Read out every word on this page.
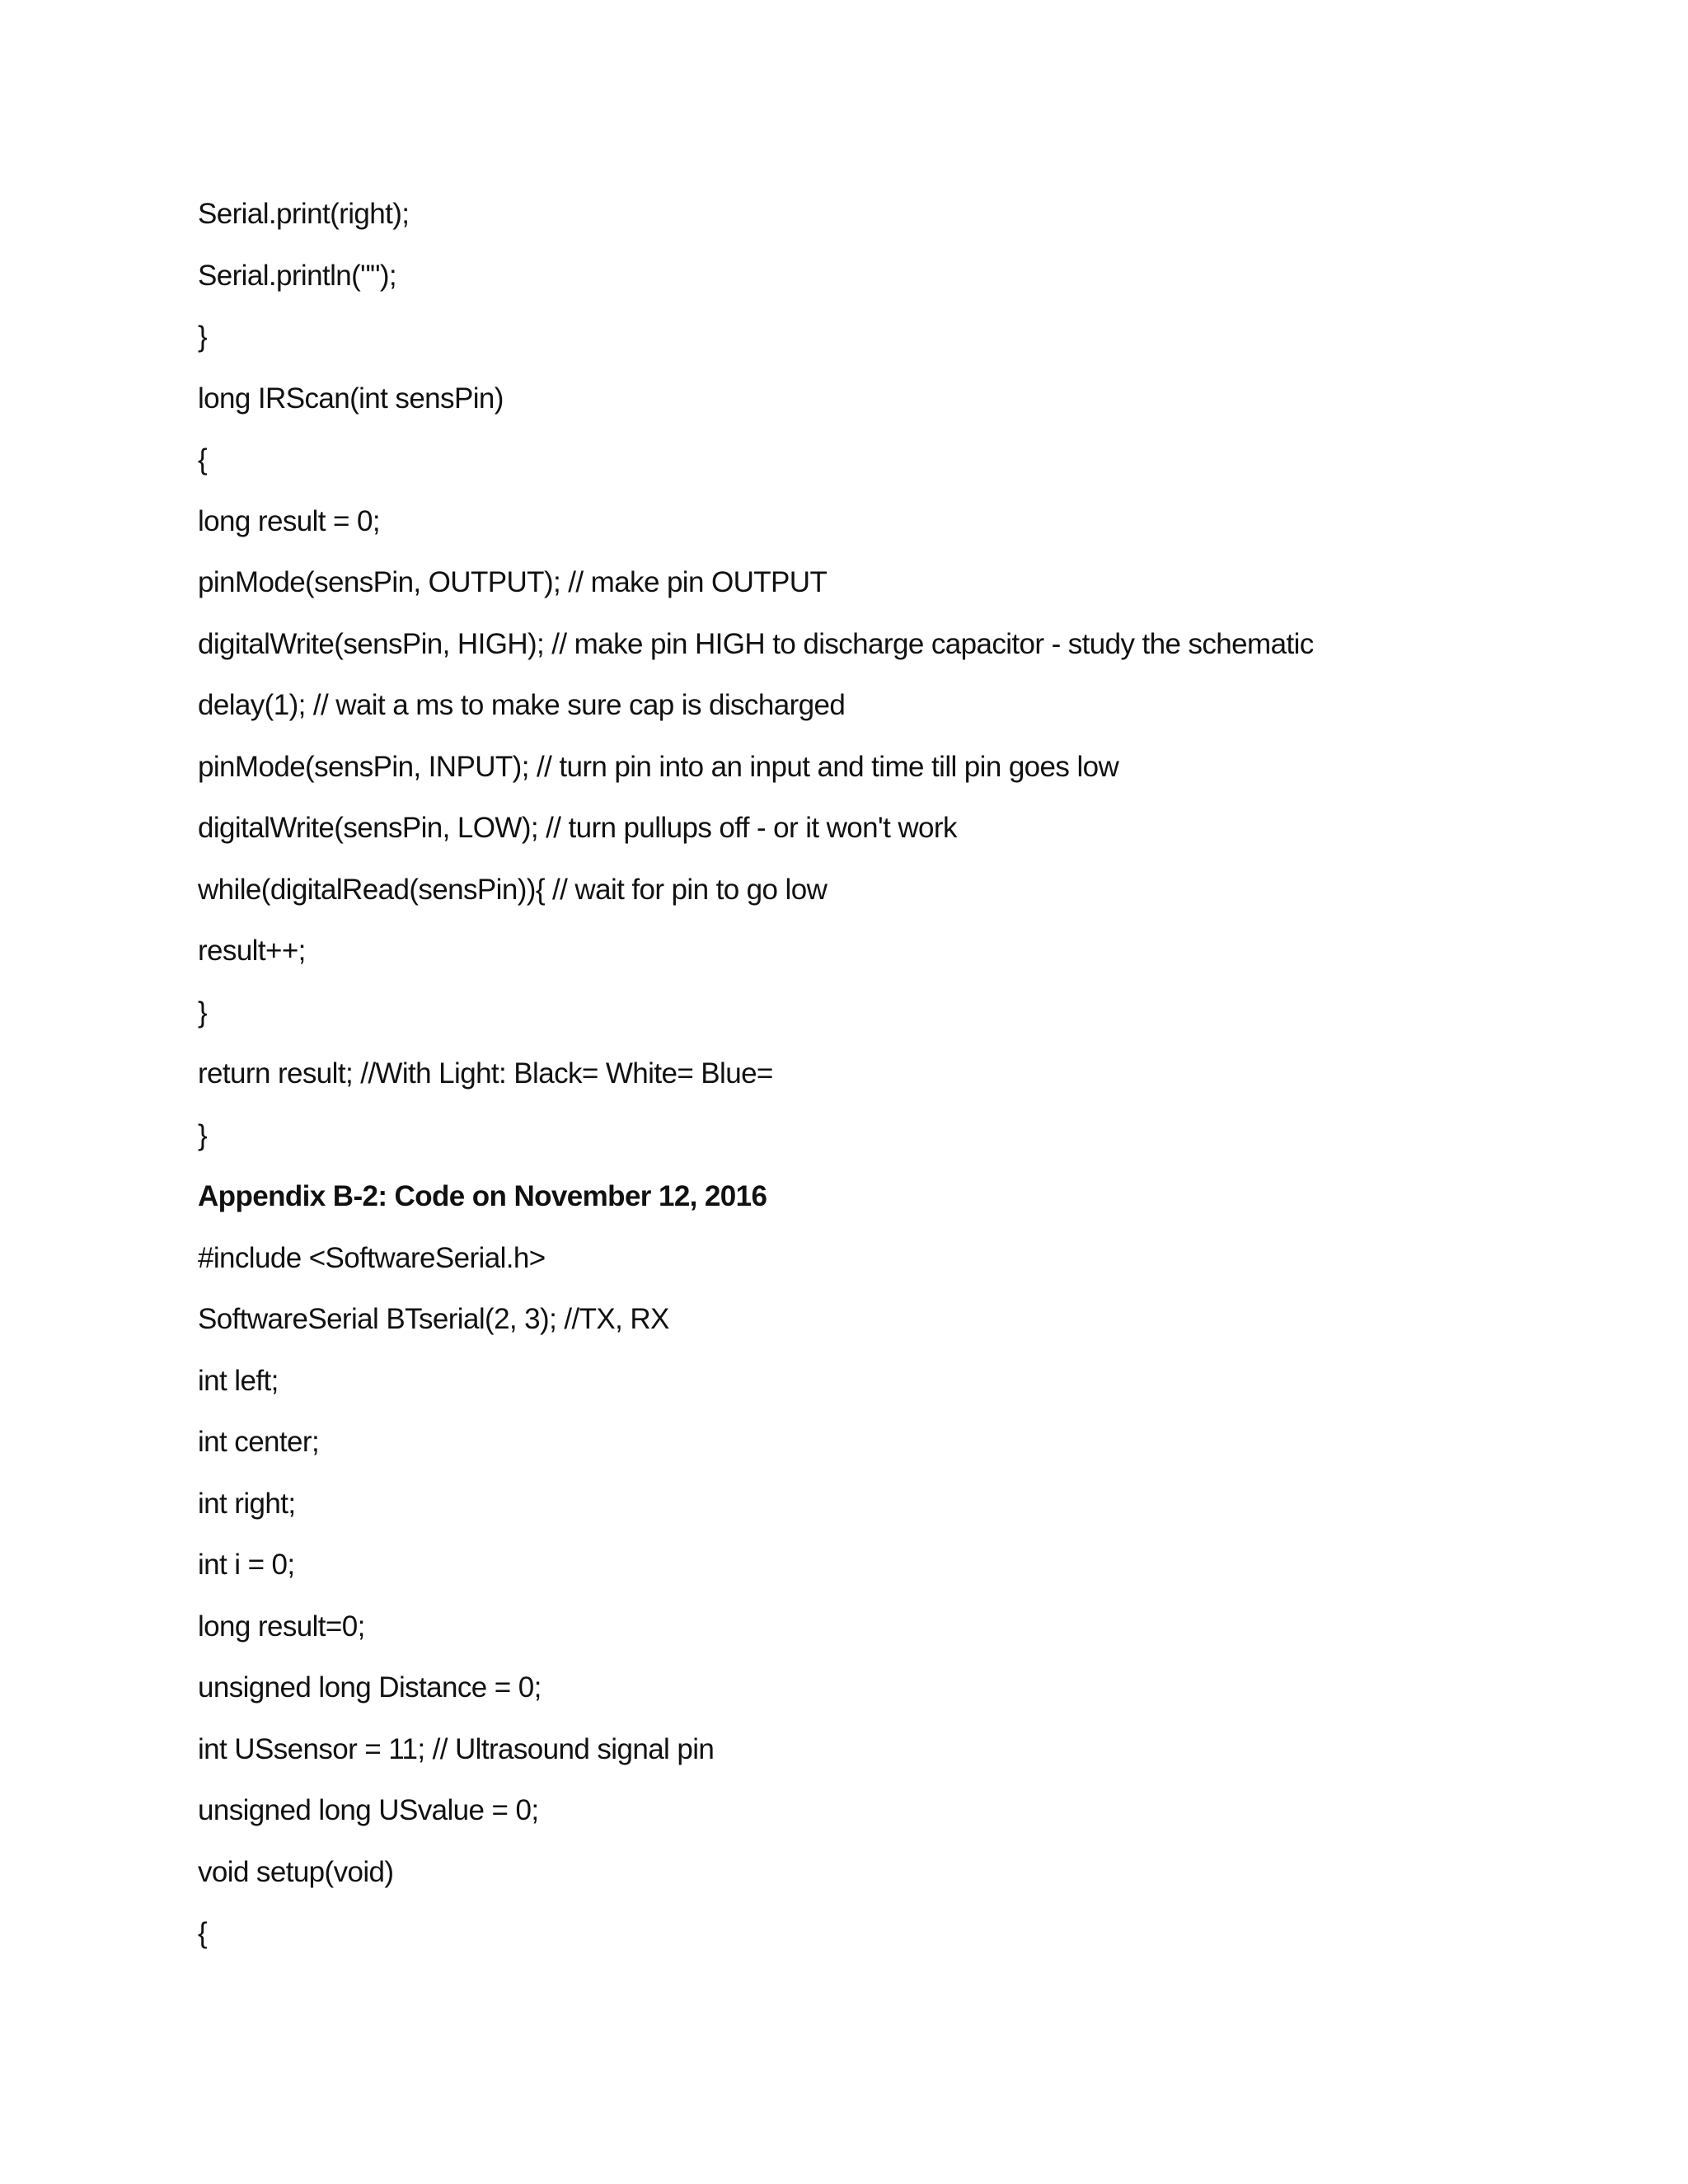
Serial.print(right);
Serial.println("");
}
long IRScan(int sensPin)
{
long result = 0;
pinMode(sensPin, OUTPUT); // make pin OUTPUT
digitalWrite(sensPin, HIGH); // make pin HIGH to discharge capacitor - study the schematic
delay(1); // wait a ms to make sure cap is discharged
pinMode(sensPin, INPUT); // turn pin into an input and time till pin goes low
digitalWrite(sensPin, LOW); // turn pullups off - or it won't work
while(digitalRead(sensPin)){ // wait for pin to go low
result++;
}
return result; //With Light: Black= White= Blue=
}
Appendix B-2: Code on November 12, 2016
#include <SoftwareSerial.h>
SoftwareSerial BTserial(2, 3); //TX, RX
int left;
int center;
int right;
int i = 0;
long result=0;
unsigned long Distance = 0;
int USsensor = 11; // Ultrasound signal pin
unsigned long USvalue = 0;
void setup(void)
{
